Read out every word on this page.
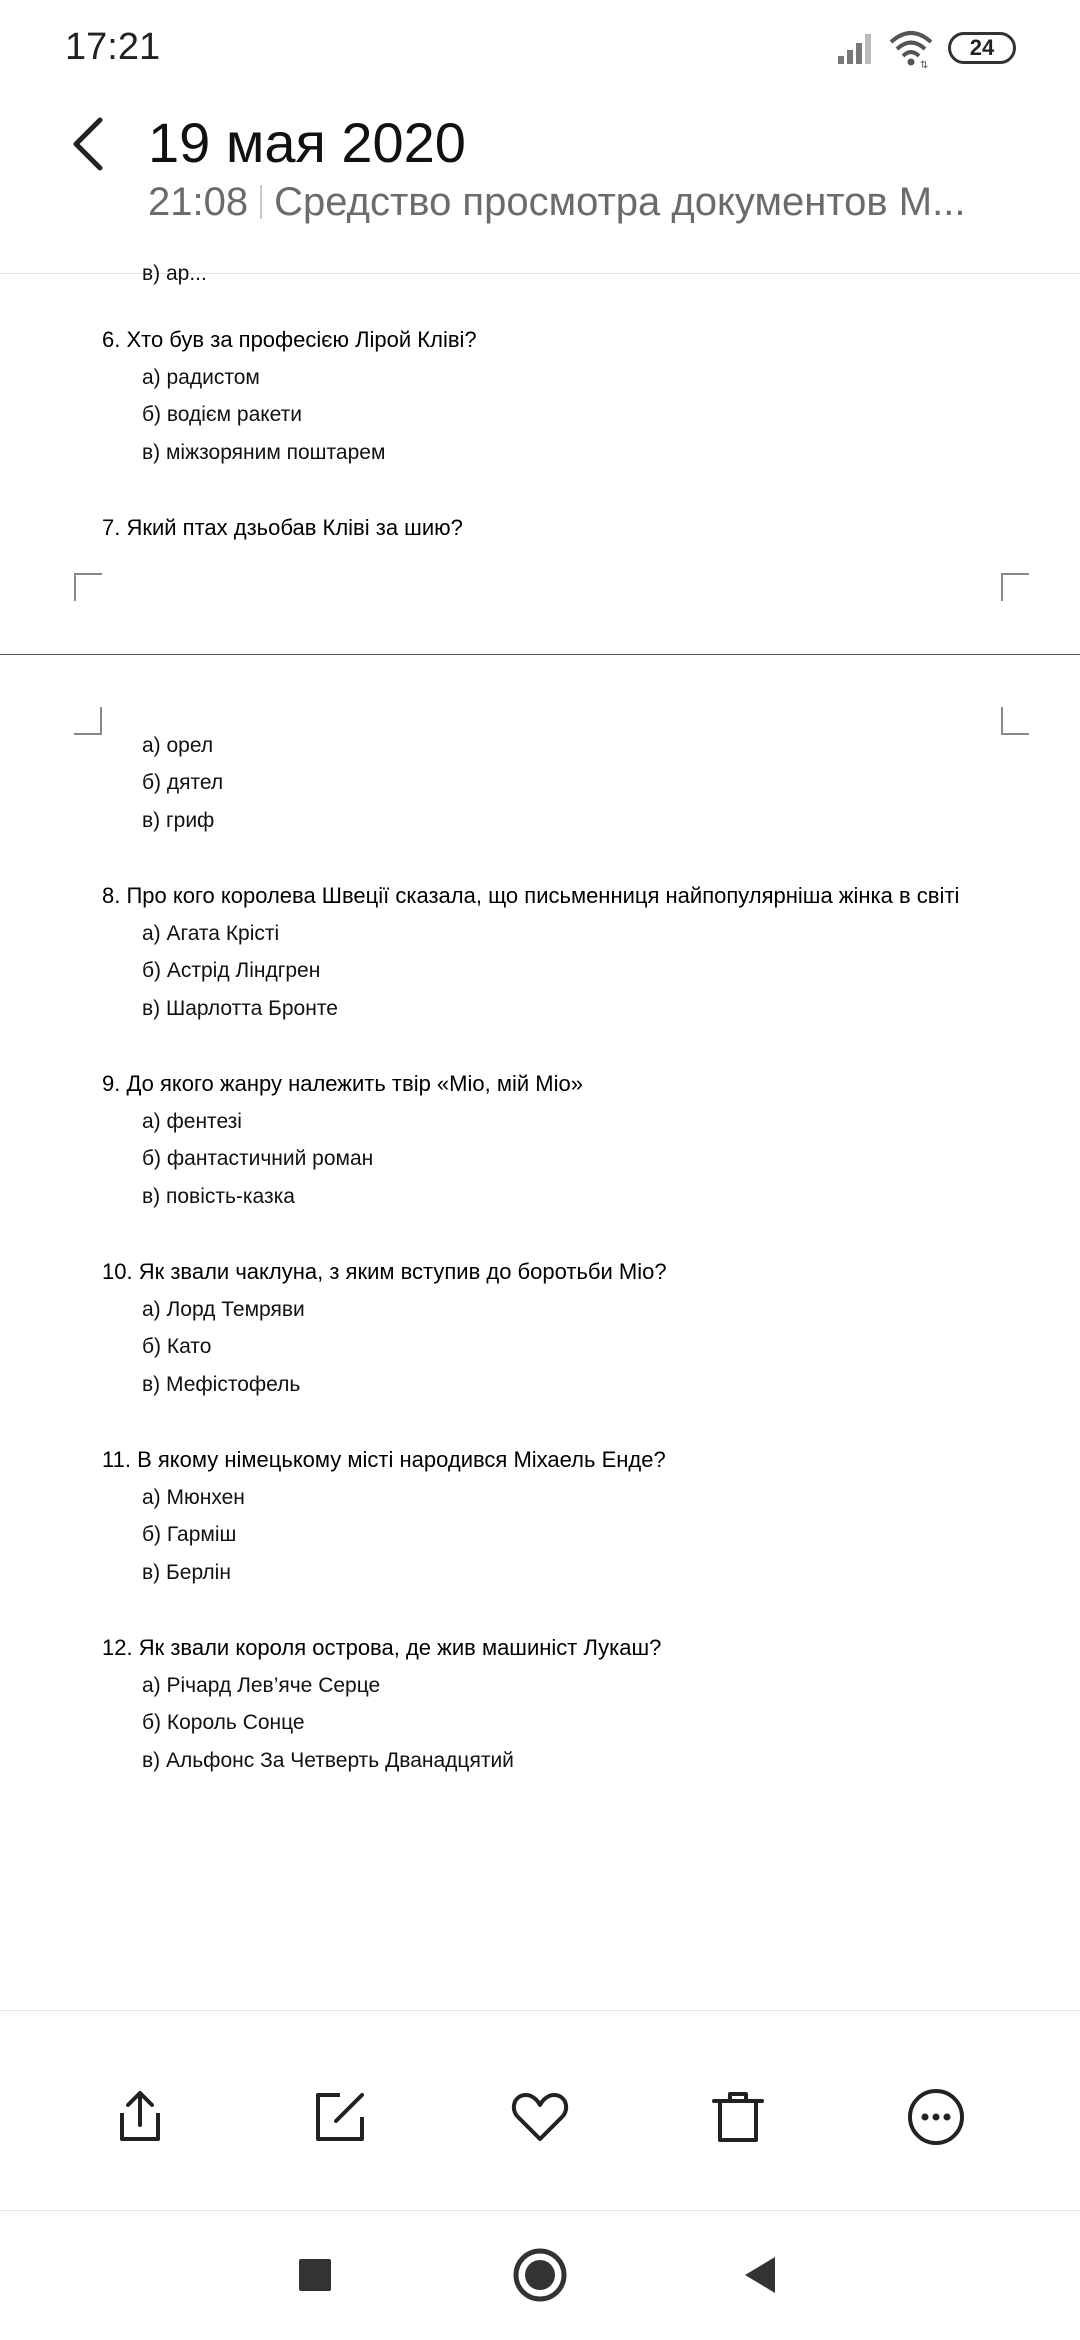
17:21	⇅
24
19 мая 2020
21:08 Средство просмотра документов М...
в) ар...
6. Хто був за професією Лірой Кліві?
а) радистом
б) водієм ракети
в) міжзоряним поштарем
7. Який птах дзьобав Кліві за шию?
а) орел
б) дятел
в) гриф
8. Про кого королева Швеції сказала, що письменниця найпопулярніша жінка в світі
а) Агата Крісті
б) Астрід Ліндгрен
в) Шарлотта Бронте
9. До якого жанру належить твір «Міо, мій Міо»
а) фентезі
б) фантастичний роман
в) повість-казка
10. Як звали чаклуна, з яким вступив до боротьби Міо?
а) Лорд Темряви
б) Като
в) Мефістофель
11. В якому німецькому місті народився Міхаель Енде?
а) Мюнхен
б) Гарміш
в) Берлін
12. Як звали короля острова, де жив машиніст Лукаш?
а) Річард Лев’яче Серце
б) Король Сонце
в) Альфонс За Четверть Дванадцятий
